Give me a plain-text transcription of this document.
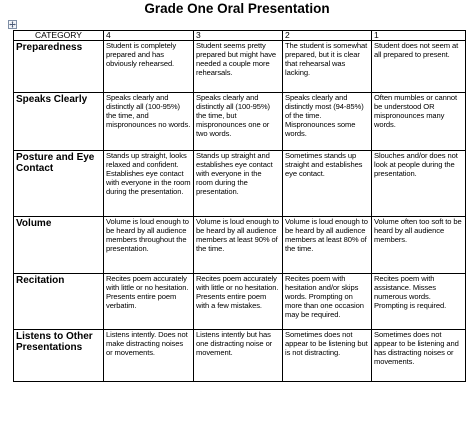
Grade One Oral Presentation
CATEGORY	4	3	2	1
Preparedness	Student is completely prepared and has obviously rehearsed.	Student seems pretty prepared but might have needed a couple more rehearsals.	The student is somewhat prepared, but it is clear that rehearsal was lacking.	Student does not seem at all prepared to present.
Speaks Clearly	Speaks clearly and distinctly all (100-95%) the time, and mispronounces no words.	Speaks clearly and distinctly all (100-95%) the time, but mispronounces one or two words.	Speaks clearly and distinctly most (94-85%) of the time. Mispronounces some words.	Often mumbles or cannot be understood OR mispronounces many words.
Posture and Eye Contact	Stands up straight, looks relaxed and confident. Establishes eye contact with everyone in the room during the presentation.	Stands up straight and establishes eye contact with everyone in the room during the presentation.	Sometimes stands up straight and establishes eye contact.	Slouches and/or does not look at people during the presentation.
Volume	Volume is loud enough to be heard by all audience members throughout the presentation.	Volume is loud enough to be heard by all audience members at least 90% of the time.	Volume is loud enough to be heard by all audience members at least 80% of the time.	Volume often too soft to be heard by all audience members.
Recitation	Recites poem accurately with little or no hesitation. Presents entire poem verbatim.	Recites poem accurately with little or no hesitation. Presents entire poem with a few mistakes.	Recites poem with hesitation and/or skips words. Prompting on more than one occasion may be required.	Recites poem with assistance. Misses numerous words. Prompting is required.
Listens to Other Presentations	Listens intently. Does not make distracting noises or movements.	Listens intently but has one distracting noise or movement.	Sometimes does not appear to be listening but is not distracting.	Sometimes does not appear to be listening and has distracting noises or movements.
